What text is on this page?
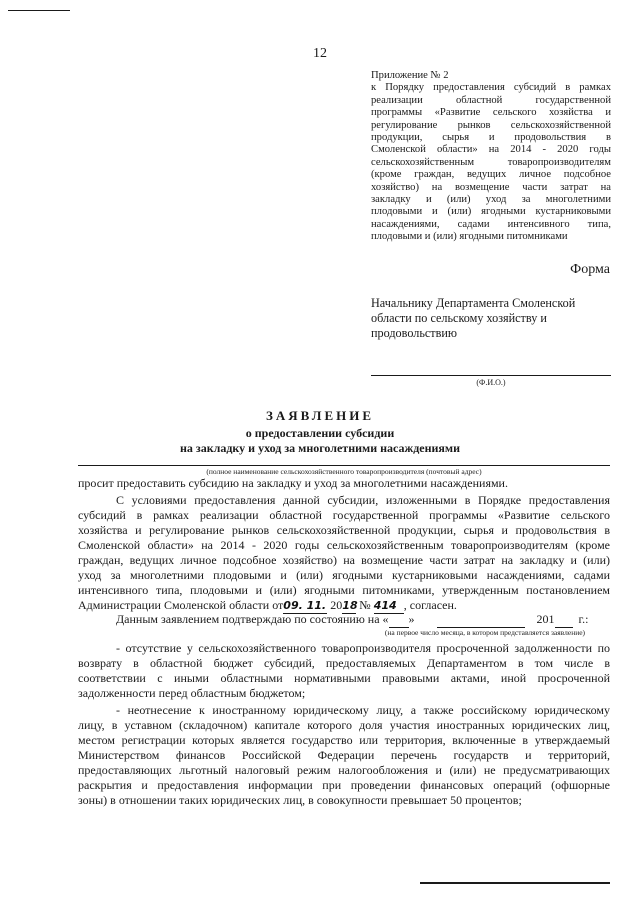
12
Приложение № 2
к Порядку предоставления субсидий в рамках
реализации областной государственной
программы «Развитие сельского хозяйства и
регулирование рынков сельскохозяйственной
продукции, сырья и продовольствия в
Смоленской области» на 2014 - 2020 годы
сельскохозяйственным товаропроизводителям
(кроме граждан, ведущих личное подсобное
хозяйство) на возмещение части затрат на
закладку и (или) уход за многолетними
плодовыми и (или) ягодными кустарниковыми
насаждениями, садами интенсивного типа,
плодовыми и (или) ягодными питомниками
Форма
Начальнику Департамента Смоленской
области по сельскому хозяйству и
продовольствию
(Ф.И.О.)
ЗАЯВЛЕНИЕ
о предоставлении субсидии
на закладку и уход за многолетними насаждениями
(полное наименование сельскохозяйственного товаропроизводителя (почтовый адрес)
просит предоставить субсидию на закладку и уход за многолетними насаждениями.
С условиями предоставления данной субсидии, изложенными в Порядке предоставления
субсидий в рамках реализации областной государственной программы «Развитие сельского
хозяйства и регулирование рынков сельскохозяйственной продукции, сырья и продовольствия в
Смоленской области» на 2014 - 2020 годы сельскохозяйственным товаропроизводителям (кроме
граждан, ведущих личное подсобное хозяйство) на возмещение части затрат на закладку и (или)
уход за многолетними плодовыми и (или) ягодными кустарниковыми насаждениями, садами
интенсивного типа, плодовыми и (или) ягодными питомниками, утвержденным постановлением
Администрации Смоленской области от09. 11. 2018 № 414 , согласен.
Данным заявлением подтверждаю по состоянию на « »	201 г.:
(на первое число месяца, в котором представляется заявление)
- отсутствие у сельскохозяйственного товаропроизводителя просроченной задолженности по
возврату в областной бюджет субсидий, предоставляемых Департаментом в том числе в
соответствии с иными областными нормативными правовыми актами, иной просроченной
задолженности перед областным бюджетом;
- неотнесение к иностранному юридическому лицу, а также российскому юридическому
лицу, в уставном (складочном) капитале которого доля участия иностранных юридических лиц,
местом регистрации которых является государство или территория, включенные в утверждаемый
Министерством финансов Российской Федерации перечень государств и территорий,
предоставляющих льготный налоговый режим налогообложения и (или) не предусматривающих
раскрытия и предоставления информации при проведении финансовых операций (офшорные
зоны) в отношении таких юридических лиц, в совокупности превышает 50 процентов;
